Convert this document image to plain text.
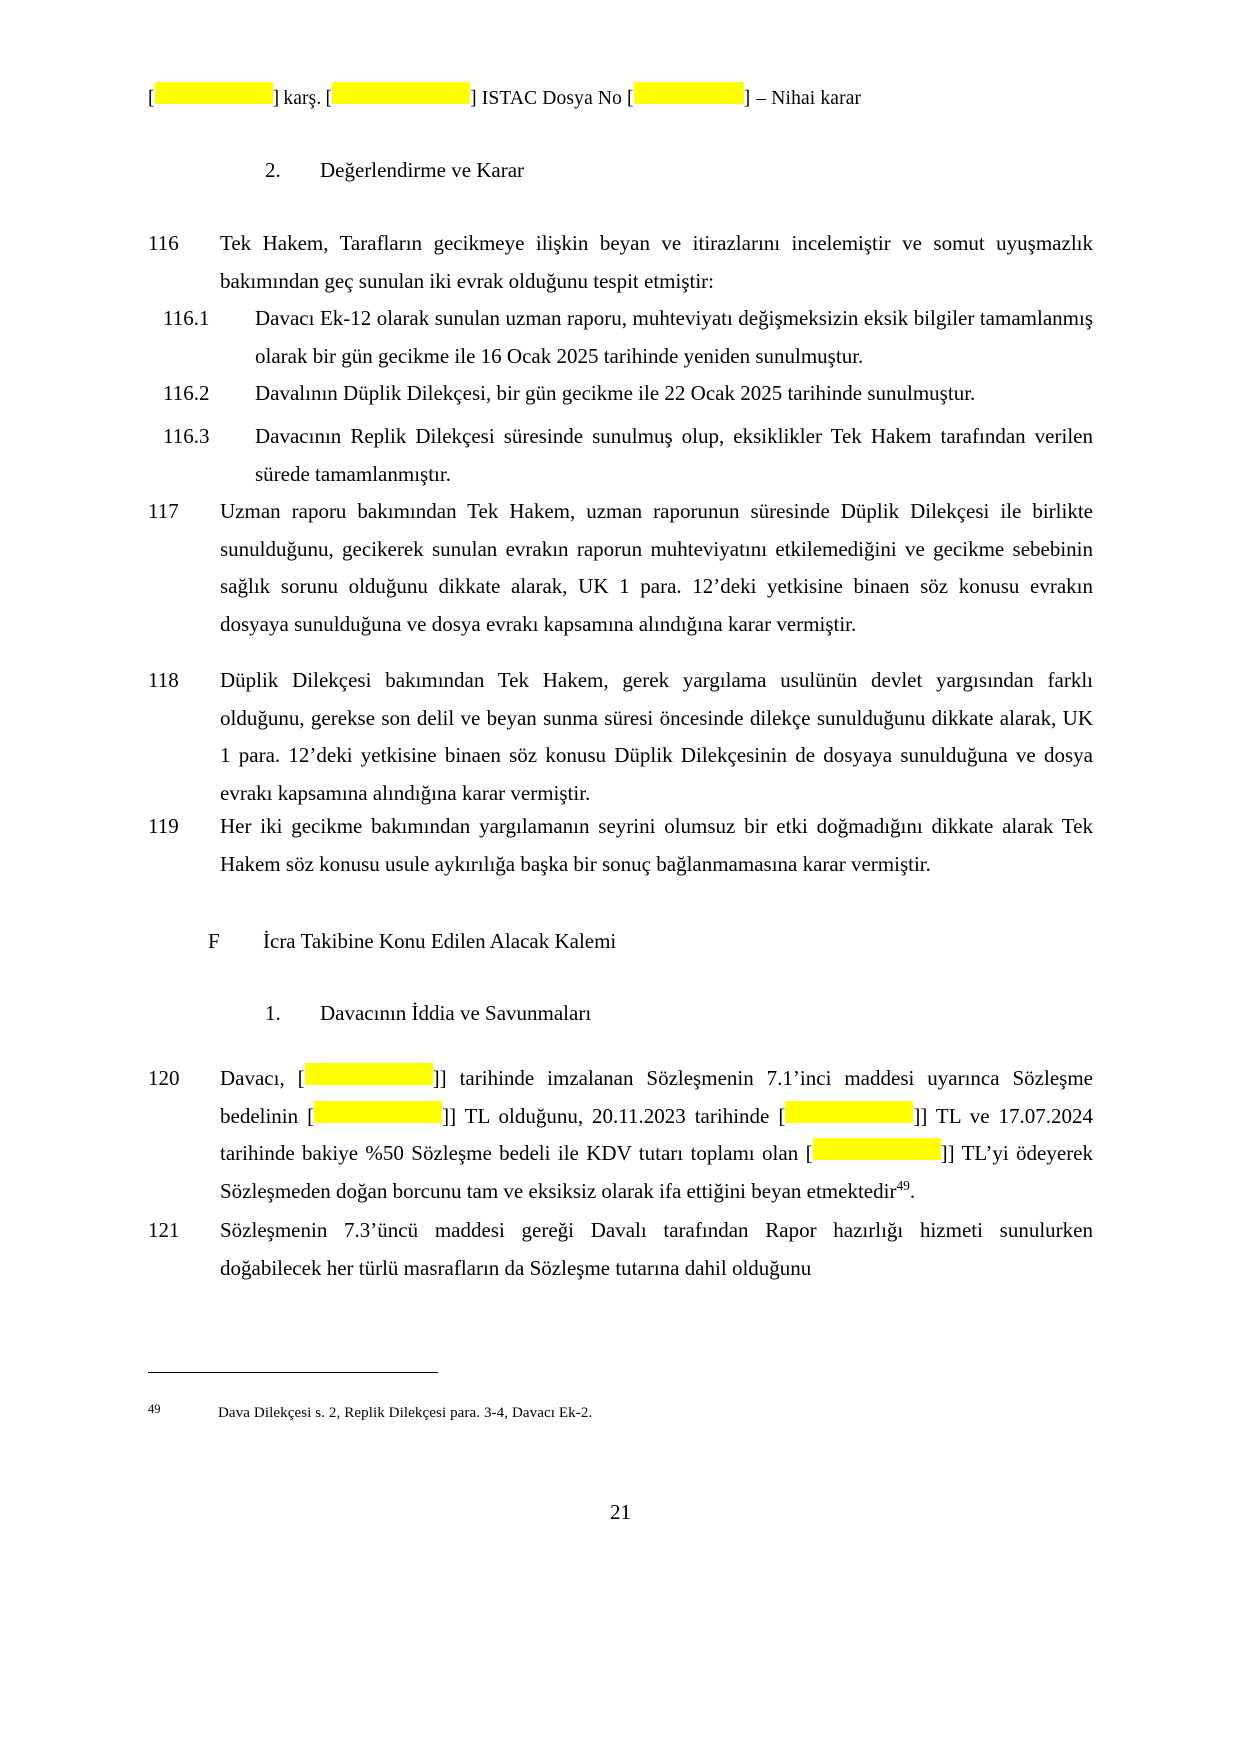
[	] karş. [	] ISTAC Dosya No [	] – Nihai karar
2.	Değerlendirme ve Karar
116	Tek Hakem, Tarafların gecikmeye ilişkin beyan ve itirazlarını incelemiştir ve somut uyuşmazlık bakımından geç sunulan iki evrak olduğunu tespit etmiştir:
116.1	Davacı Ek-12 olarak sunulan uzman raporu, muhteviyatı değişmeksizin eksik bilgiler tamamlanmış olarak bir gün gecikme ile 16 Ocak 2025 tarihinde yeniden sunulmuştur.
116.2	Davalının Düplik Dilekçesi, bir gün gecikme ile 22 Ocak 2025 tarihinde sunulmuştur.
116.3	Davacının Replik Dilekçesi süresinde sunulmuş olup, eksiklikler Tek Hakem tarafından verilen sürede tamamlanmıştır.
117	Uzman raporu bakımından Tek Hakem, uzman raporunun süresinde Düplik Dilekçesi ile birlikte sunulduğunu, gecikerek sunulan evrakın raporun muhteviyatını etkilemediğini ve gecikme sebebinin sağlık sorunu olduğunu dikkate alarak, UK 1 para. 12’deki yetkisine binaen söz konusu evrakın dosyaya sunulduğuna ve dosya evrakı kapsamına alındığına karar vermiştir.
118	Düplik Dilekçesi bakımından Tek Hakem, gerek yargılama usulünün devlet yargısından farklı olduğunu, gerekse son delil ve beyan sunma süresi öncesinde dilekçe sunulduğunu dikkate alarak, UK 1 para. 12’deki yetkisine binaen söz konusu Düplik Dilekçesinin de dosyaya sunulduğuna ve dosya evrakı kapsamına alındığına karar vermiştir.
119	Her iki gecikme bakımından yargılamanın seyrini olumsuz bir etki doğmadığını dikkate alarak Tek Hakem söz konusu usule aykırılığa başka bir sonuç bağlanmamasına karar vermiştir.
F	İcra Takibine Konu Edilen Alacak Kalemi
1.	Davacının İddia ve Savunmaları
Davacı, [	]] tarihinde imzalanan Sözleşmenin 7.1’inci maddesi uyarınca Sözleşme bedelinin [	]] TL olduğunu, 20.11.2023 tarihinde [	]] TL ve 17.07.2024 tarihinde bakiye %50 Sözleşme bedeli ile KDV tutarı toplamı olan [	]] TL’yi ödeyerek Sözleşmeden doğan borcunu tam ve eksiksiz olarak ifa ettiğini beyan etmektedir$^{49}$.
120
121	Sözleşmenin 7.3’üncü maddesi gereği Davalı tarafından Rapor hazırlığı hizmeti sunulurken doğabilecek her türlü masrafların da Sözleşme tutarına dahil olduğunu
49	Dava Dilekçesi s. 2, Replik Dilekçesi para. 3-4, Davacı Ek-2.
21
